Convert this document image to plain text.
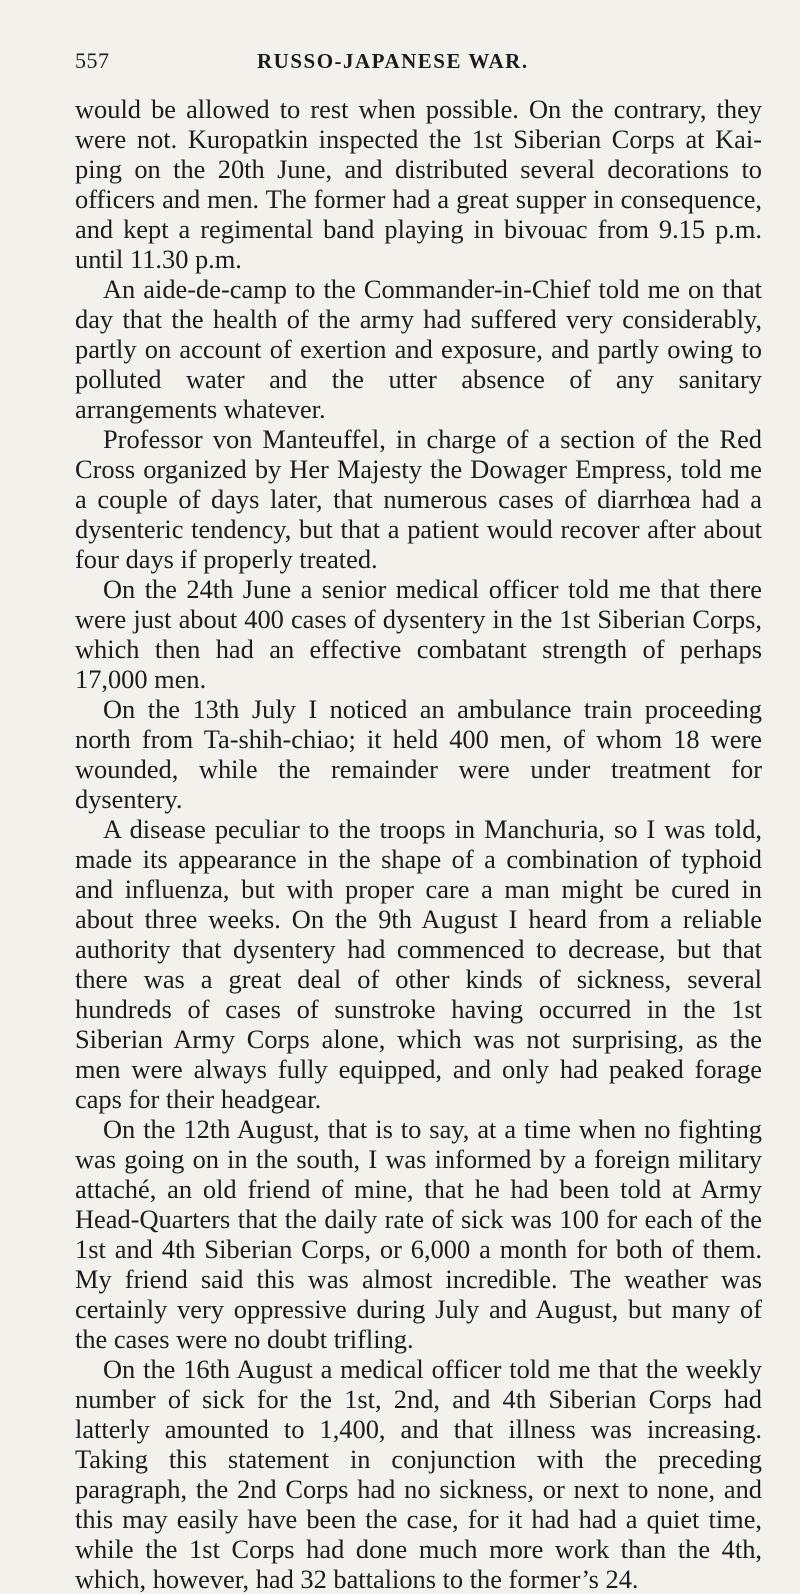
557	RUSSO-JAPANESE WAR.

would be allowed to rest when possible. On the contrary, they were not. Kuropatkin inspected the 1st Siberian Corps at Kai-ping on the 20th June, and distributed several decorations to officers and men. The former had a great supper in consequence, and kept a regimental band playing in bivouac from 9.15 p.m. until 11.30 p.m.

An aide-de-camp to the Commander-in-Chief told me on that day that the health of the army had suffered very considerably, partly on account of exertion and exposure, and partly owing to polluted water and the utter absence of any sanitary arrangements whatever.

Professor von Manteuffel, in charge of a section of the Red Cross organized by Her Majesty the Dowager Empress, told me a couple of days later, that numerous cases of diarrhœa had a dysenteric tendency, but that a patient would recover after about four days if properly treated.

On the 24th June a senior medical officer told me that there were just about 400 cases of dysentery in the 1st Siberian Corps, which then had an effective combatant strength of perhaps 17,000 men.

On the 13th July I noticed an ambulance train proceeding north from Ta-shih-chiao; it held 400 men, of whom 18 were wounded, while the remainder were under treatment for dysentery.

A disease peculiar to the troops in Manchuria, so I was told, made its appearance in the shape of a combination of typhoid and influenza, but with proper care a man might be cured in about three weeks. On the 9th August I heard from a reliable authority that dysentery had commenced to decrease, but that there was a great deal of other kinds of sickness, several hundreds of cases of sunstroke having occurred in the 1st Siberian Army Corps alone, which was not surprising, as the men were always fully equipped, and only had peaked forage caps for their headgear.

On the 12th August, that is to say, at a time when no fighting was going on in the south, I was informed by a foreign military attaché, an old friend of mine, that he had been told at Army Head-Quarters that the daily rate of sick was 100 for each of the 1st and 4th Siberian Corps, or 6,000 a month for both of them. My friend said this was almost incredible. The weather was certainly very oppressive during July and August, but many of the cases were no doubt trifling.

On the 16th August a medical officer told me that the weekly number of sick for the 1st, 2nd, and 4th Siberian Corps had latterly amounted to 1,400, and that illness was increasing. Taking this statement in conjunction with the preceding paragraph, the 2nd Corps had no sickness, or next to none, and this may easily have been the case, for it had had a quiet time, while the 1st Corps had done much more work than the 4th, which, however, had 32 battalions to the former’s 24.
